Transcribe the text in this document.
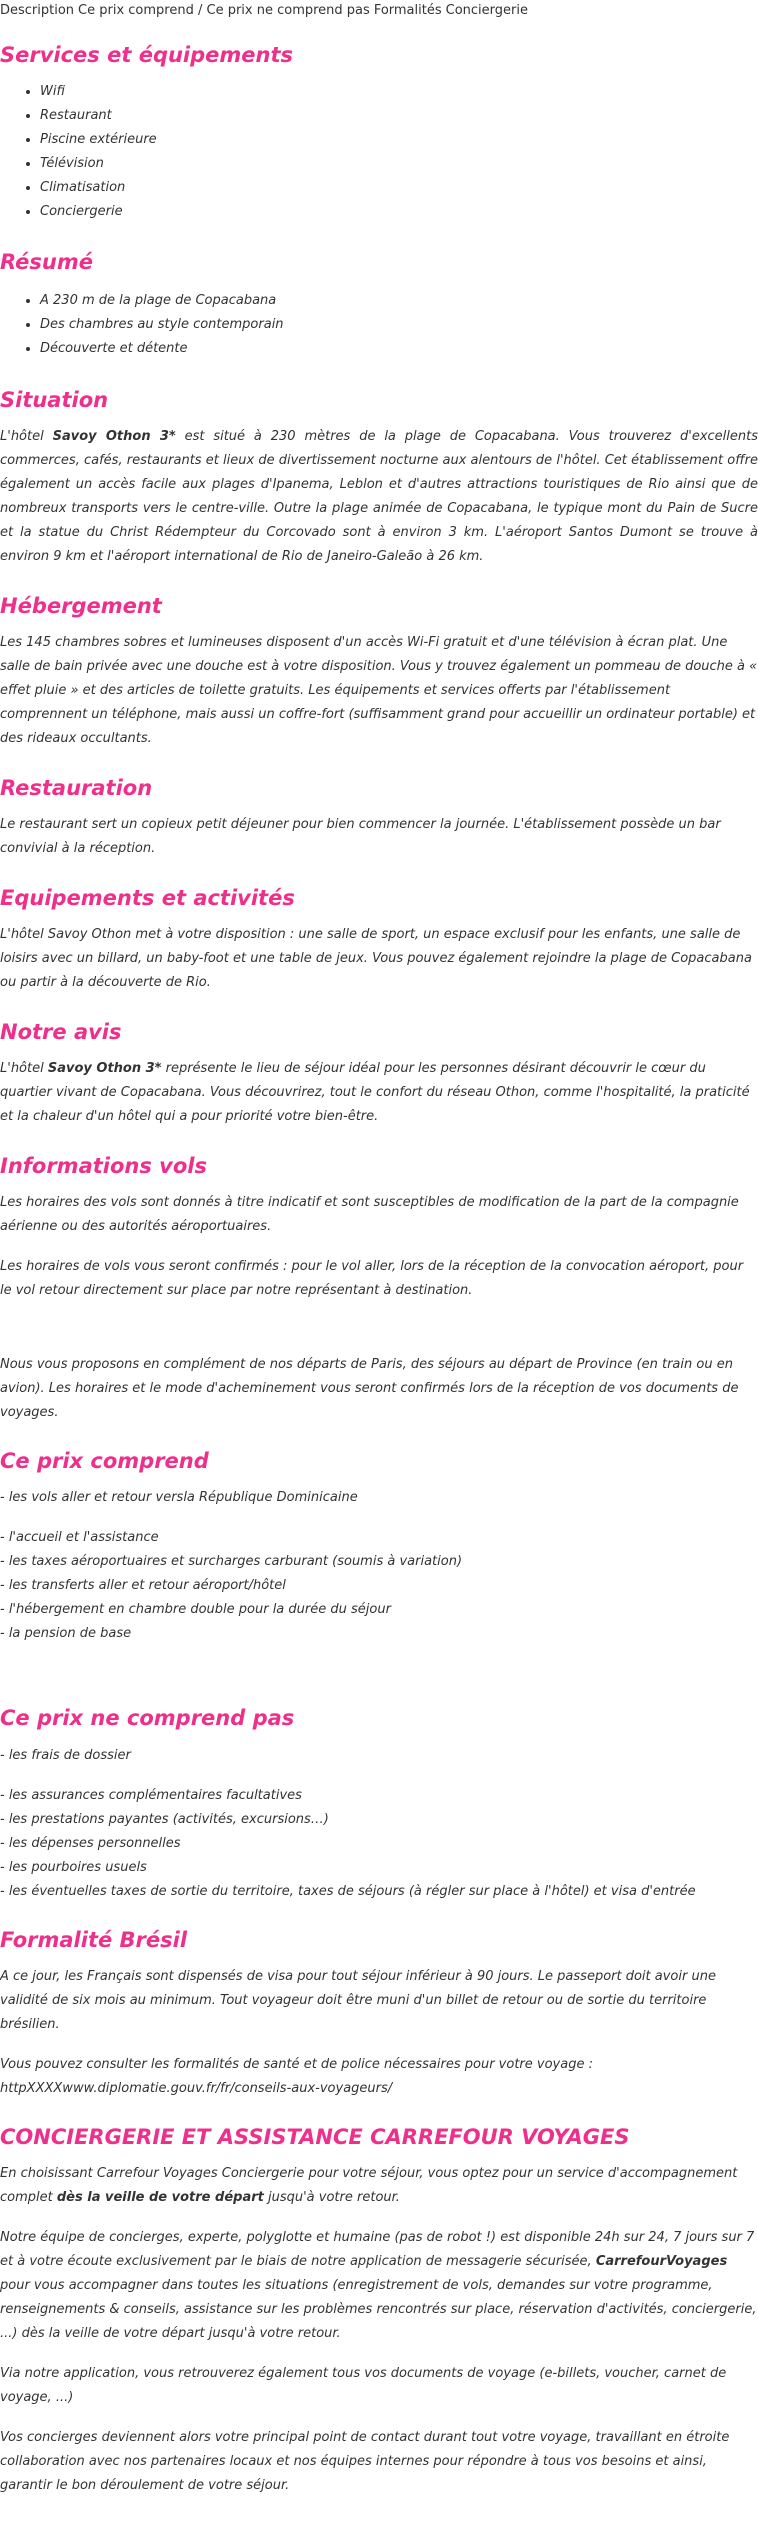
Description Ce prix comprend / Ce prix ne comprend pas Formalités Conciergerie
Services et équipements
• Wifi
• Restaurant
• Piscine extérieure
• Télévision
• Climatisation
• Conciergerie
Résumé
• A 230 m de la plage de Copacabana
• Des chambres au style contemporain
• Découverte et détente
Situation

L'hôtel Savoy Othon 3* est situé à 230 mètres de la plage de Copacabana. Vous trouverez d'excellents commerces, cafés, restaurants et lieux de divertissement nocturne aux alentours de l'hôtel. Cet établissement offre également un accès facile aux plages d'Ipanema, Leblon et d'autres attractions touristiques de Rio ainsi que de nombreux transports vers le centre-ville. Outre la plage animée de Copacabana, le typique mont du Pain de Sucre et la statue du Christ Rédempteur du Corcovado sont à environ 3 km. L'aéroport Santos Dumont se trouve à environ 9 km et l'aéroport international de Rio de Janeiro-Galeão à 26 km.

Hébergement

Les 145 chambres sobres et lumineuses disposent d'un accès Wi-Fi gratuit et d'une télévision à écran plat. Une salle de bain privée avec une douche est à votre disposition. Vous y trouvez également un pommeau de douche à « effet pluie » et des articles de toilette gratuits. Les équipements et services offerts par l'établissement comprennent un téléphone, mais aussi un coffre-fort (suffisamment grand pour accueillir un ordinateur portable) et des rideaux occultants.

Restauration

Le restaurant sert un copieux petit déjeuner pour bien commencer la journée. L'établissement possède un bar convivial à la réception.

Equipements et activités

L'hôtel Savoy Othon met à votre disposition : une salle de sport, un espace exclusif pour les enfants, une salle de loisirs avec un billard, un baby-foot et une table de jeux. Vous pouvez également rejoindre la plage de Copacabana ou partir à la découverte de Rio.

Notre avis

L'hôtel Savoy Othon 3* représente le lieu de séjour idéal pour les personnes désirant découvrir le cœur du quartier vivant de Copacabana. Vous découvrirez, tout le confort du réseau Othon, comme l'hospitalité, la praticité et la chaleur d'un hôtel qui a pour priorité votre bien-être.

Informations vols

Les horaires des vols sont donnés à titre indicatif et sont susceptibles de modification de la part de la compagnie aérienne ou des autorités aéroportuaires.

Les horaires de vols vous seront confirmés : pour le vol aller, lors de la réception de la convocation aéroport, pour le vol retour directement sur place par notre représentant à destination.

Nous vous proposons en complément de nos départs de Paris, des séjours au départ de Province (en train ou en avion). Les horaires et le mode d'acheminement vous seront confirmés lors de la réception de vos documents de voyages.

Ce prix comprend

- les vols aller et retour versla République Dominicaine

- l'accueil et l'assistance

- les taxes aéroportuaires et surcharges carburant (soumis à variation)

- les transferts aller et retour aéroport/hôtel

- l'hébergement en chambre double pour la durée du séjour

- la pension de base

Ce prix ne comprend pas

- les frais de dossier

- les assurances complémentaires facultatives

- les prestations payantes (activités, excursions…)

- les dépenses personnelles

- les pourboires usuels

- les éventuelles taxes de sortie du territoire, taxes de séjours (à régler sur place à l'hôtel) et visa d'entrée

Formalité Brésil

A ce jour, les Français sont dispensés de visa pour tout séjour inférieur à 90 jours. Le passeport doit avoir une validité de six mois au minimum. Tout voyageur doit être muni d'un billet de retour ou de sortie du territoire brésilien.

Vous pouvez consulter les formalités de santé et de police nécessaires pour votre voyage :
httpXXXXwww.diplomatie.gouv.fr/fr/conseils-aux-voyageurs/

CONCIERGERIE ET ASSISTANCE CARREFOUR VOYAGES

En choisissant Carrefour Voyages Conciergerie pour votre séjour, vous optez pour un service d'accompagnement complet dès la veille de votre départ jusqu'à votre retour.

Notre équipe de concierges, experte, polyglotte et humaine (pas de robot !) est disponible 24h sur 24, 7 jours sur 7 et à votre écoute exclusivement par le biais de notre application de messagerie sécurisée, CarrefourVoyages pour vous accompagner dans toutes les situations (enregistrement de vols, demandes sur votre programme, renseignements & conseils, assistance sur les problèmes rencontrés sur place, réservation d'activités, conciergerie, ...) dès la veille de votre départ jusqu'à votre retour.

Via notre application, vous retrouverez également tous vos documents de voyage (e-billets, voucher, carnet de voyage, ...)

Vos concierges deviennent alors votre principal point de contact durant tout votre voyage, travaillant en étroite collaboration avec nos partenaires locaux et nos équipes internes pour répondre à tous vos besoins et ainsi, garantir le bon déroulement de votre séjour.
